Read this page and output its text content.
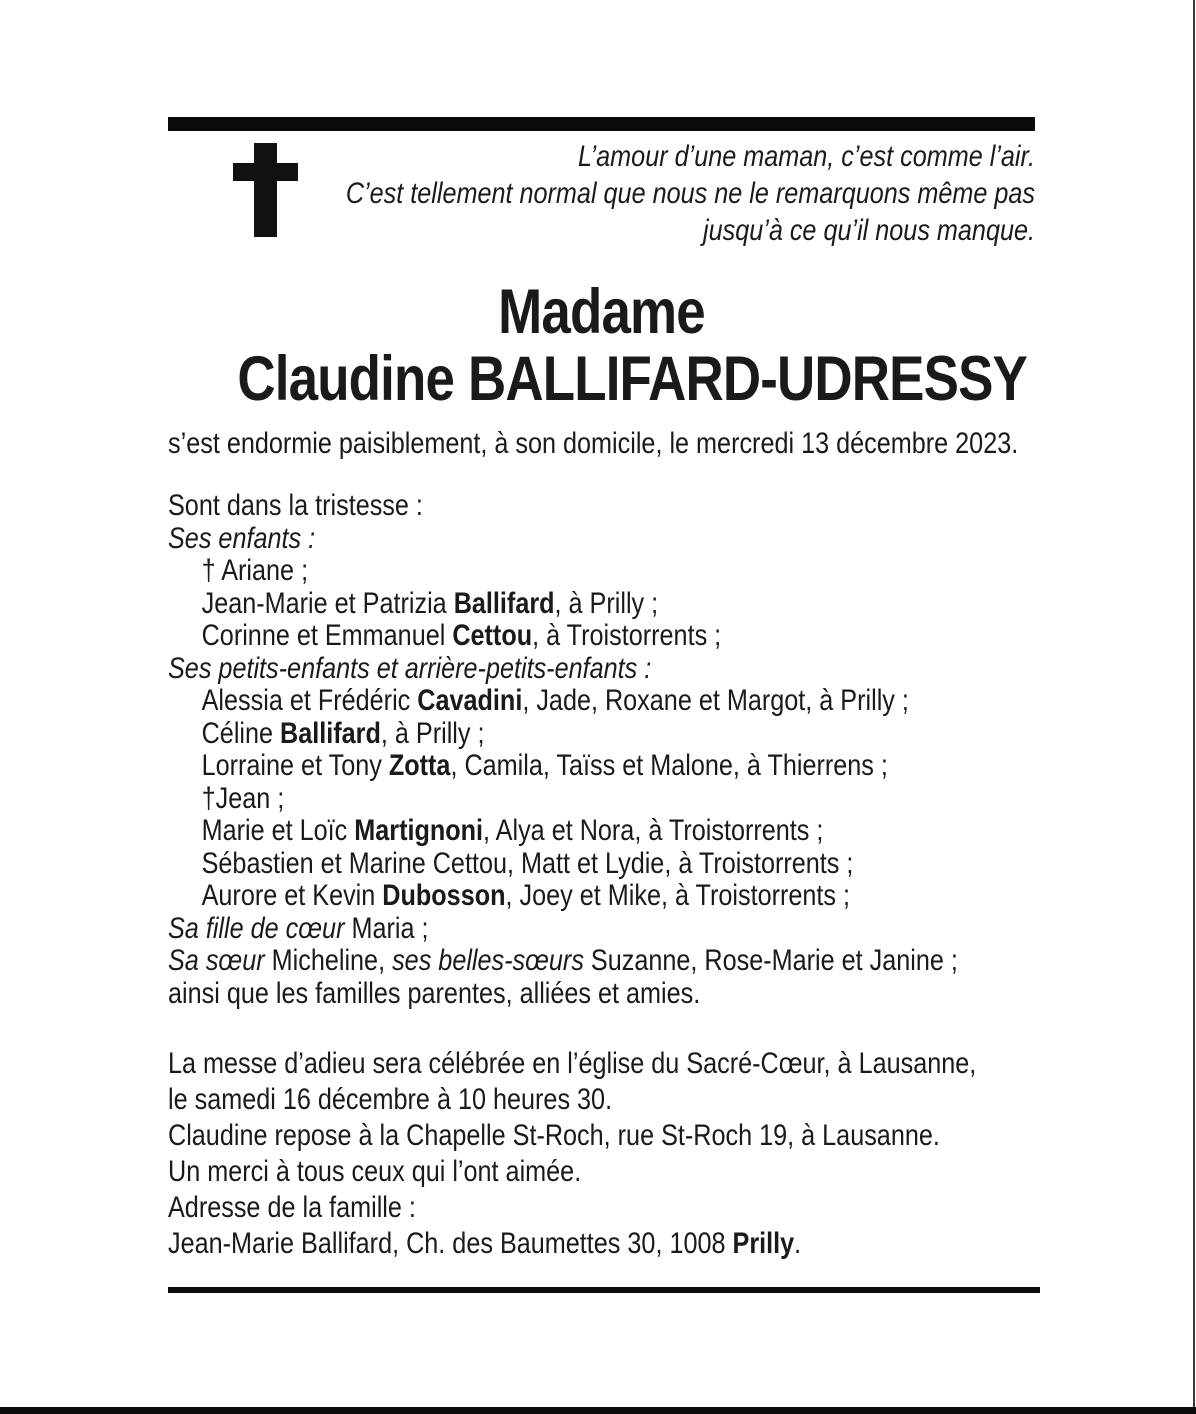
L’amour d’une maman, c’est comme l’air.
C’est tellement normal que nous ne le remarquons même pas
jusqu’à ce qu’il nous manque.
Madame
Claudine BALLIFARD-UDRESSY
s’est endormie paisiblement, à son domicile, le mercredi 13 décembre 2023.
Sont dans la tristesse :
Ses enfants :
† Ariane ;
Jean-Marie et Patrizia Ballifard, à Prilly ;
Corinne et Emmanuel Cettou, à Troistorrents ;
Ses petits-enfants et arrière-petits-enfants :
Alessia et Frédéric Cavadini, Jade, Roxane et Margot, à Prilly ;
Céline Ballifard, à Prilly ;
Lorraine et Tony Zotta, Camila, Taïss et Malone, à Thierrens ;
†Jean ;
Marie et Loïc Martignoni, Alya et Nora, à Troistorrents ;
Sébastien et Marine Cettou, Matt et Lydie, à Troistorrents ;
Aurore et Kevin Dubosson, Joey et Mike, à Troistorrents ;
Sa fille de cœur Maria ;
Sa sœur Micheline, ses belles-sœurs Suzanne, Rose-Marie et Janine ;
ainsi que les familles parentes, alliées et amies.
La messe d’adieu sera célébrée en l’église du Sacré-Cœur, à Lausanne,
le samedi 16 décembre à 10 heures 30.
Claudine repose à la Chapelle St-Roch, rue St-Roch 19, à Lausanne.
Un merci à tous ceux qui l’ont aimée.
Adresse de la famille :
Jean-Marie Ballifard, Ch. des Baumettes 30, 1008 Prilly.
